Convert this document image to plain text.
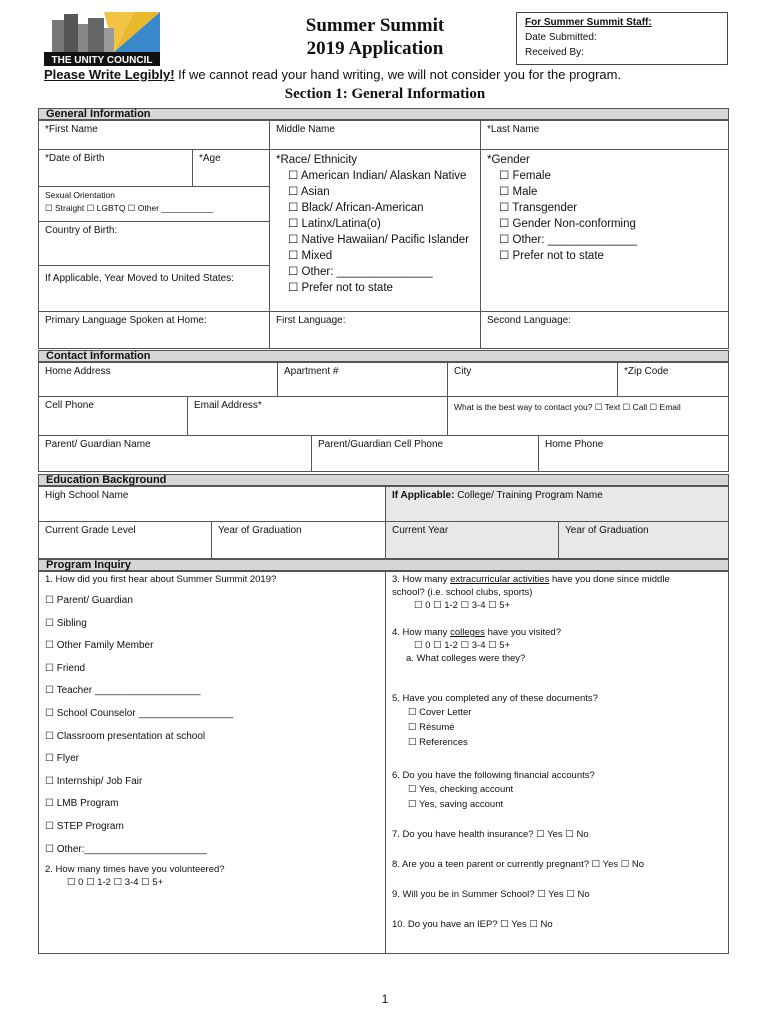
THE UNITY COUNCIL
Summer Summit
2019 Application
For Summer Summit Staff:
Date Submitted:
Received By:
Please Write Legibly! If we cannot read your hand writing, we will not consider you for the program.
Section 1: General Information
General Information
*First Name	Middle Name	*Last Name
*Date of Birth	*Age
Sexual Orientation
☐ Straight ☐ LGBTQ ☐ Other ___________
Country of Birth:
If Applicable, Year Moved to United States:
*Race/ Ethnicity
☐ American Indian/ Alaskan Native
☐ Asian
☐ Black/ African-American
☐ Latinx/Latina(o)
☐ Native Hawaiian/ Pacific Islander
☐ Mixed
☐ Other: _______________
☐ Prefer not to state
*Gender
☐ Female
☐ Male
☐ Transgender
☐ Gender Non-conforming
☐ Other: ______________
☐ Prefer not to state
Primary Language Spoken at Home:	First Language:	Second Language:
Contact Information
Home Address	Apartment #	City	*Zip Code
Cell Phone	Email Address*	What is the best way to contact you? ☐ Text ☐ Call ☐ Email
Parent/ Guardian Name	Parent/Guardian Cell Phone	Home Phone
Education Background
High School Name	If Applicable: College/ Training Program Name
Current Grade Level	Year of Graduation	Current Year	Year of Graduation
Program Inquiry
1. How did you first hear about Summer Summit 2019?
☐ Parent/ Guardian
☐ Sibling
☐ Other Family Member
☐ Friend
☐ Teacher ___________________
☐ School Counselor _________________
☐ Classroom presentation at school
☐ Flyer
☐ Internship/ Job Fair
☐ LMB Program
☐ STEP Program
☐ Other:______________________
2. How many times have you volunteered?
☐ 0 ☐ 1-2 ☐ 3-4 ☐ 5+
3. How many extracurricular activities have you done since middle
school? (i.e. school clubs, sports)
☐ 0 ☐ 1-2 ☐ 3-4 ☐ 5+
4. How many colleges have you visited?
☐ 0 ☐ 1-2 ☐ 3-4 ☐ 5+
a. What colleges were they?
5. Have you completed any of these documents?
☐ Cover Letter
☐ Résumé
☐ References
6. Do you have the following financial accounts?
☐ Yes, checking account
☐ Yes, saving account
7. Do you have health insurance? ☐ Yes ☐ No
8. Are you a teen parent or currently pregnant? ☐ Yes ☐ No
9. Will you be in Summer School? ☐ Yes ☐ No
10. Do you have an IEP? ☐ Yes ☐ No
1
